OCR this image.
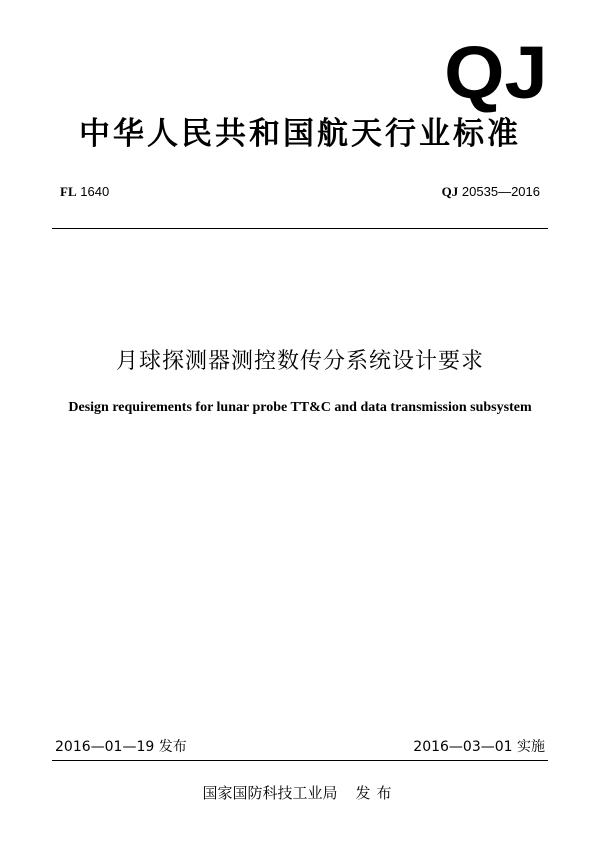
QJ
中华人民共和国航天行业标准
FL 1640	QJ 20535—2016
月球探测器测控数传分系统设计要求
Design requirements for lunar probe TT&C and data transmission subsystem
2016—01—19 发布	2016—03—01 实施
国家国防科技工业局 发布
